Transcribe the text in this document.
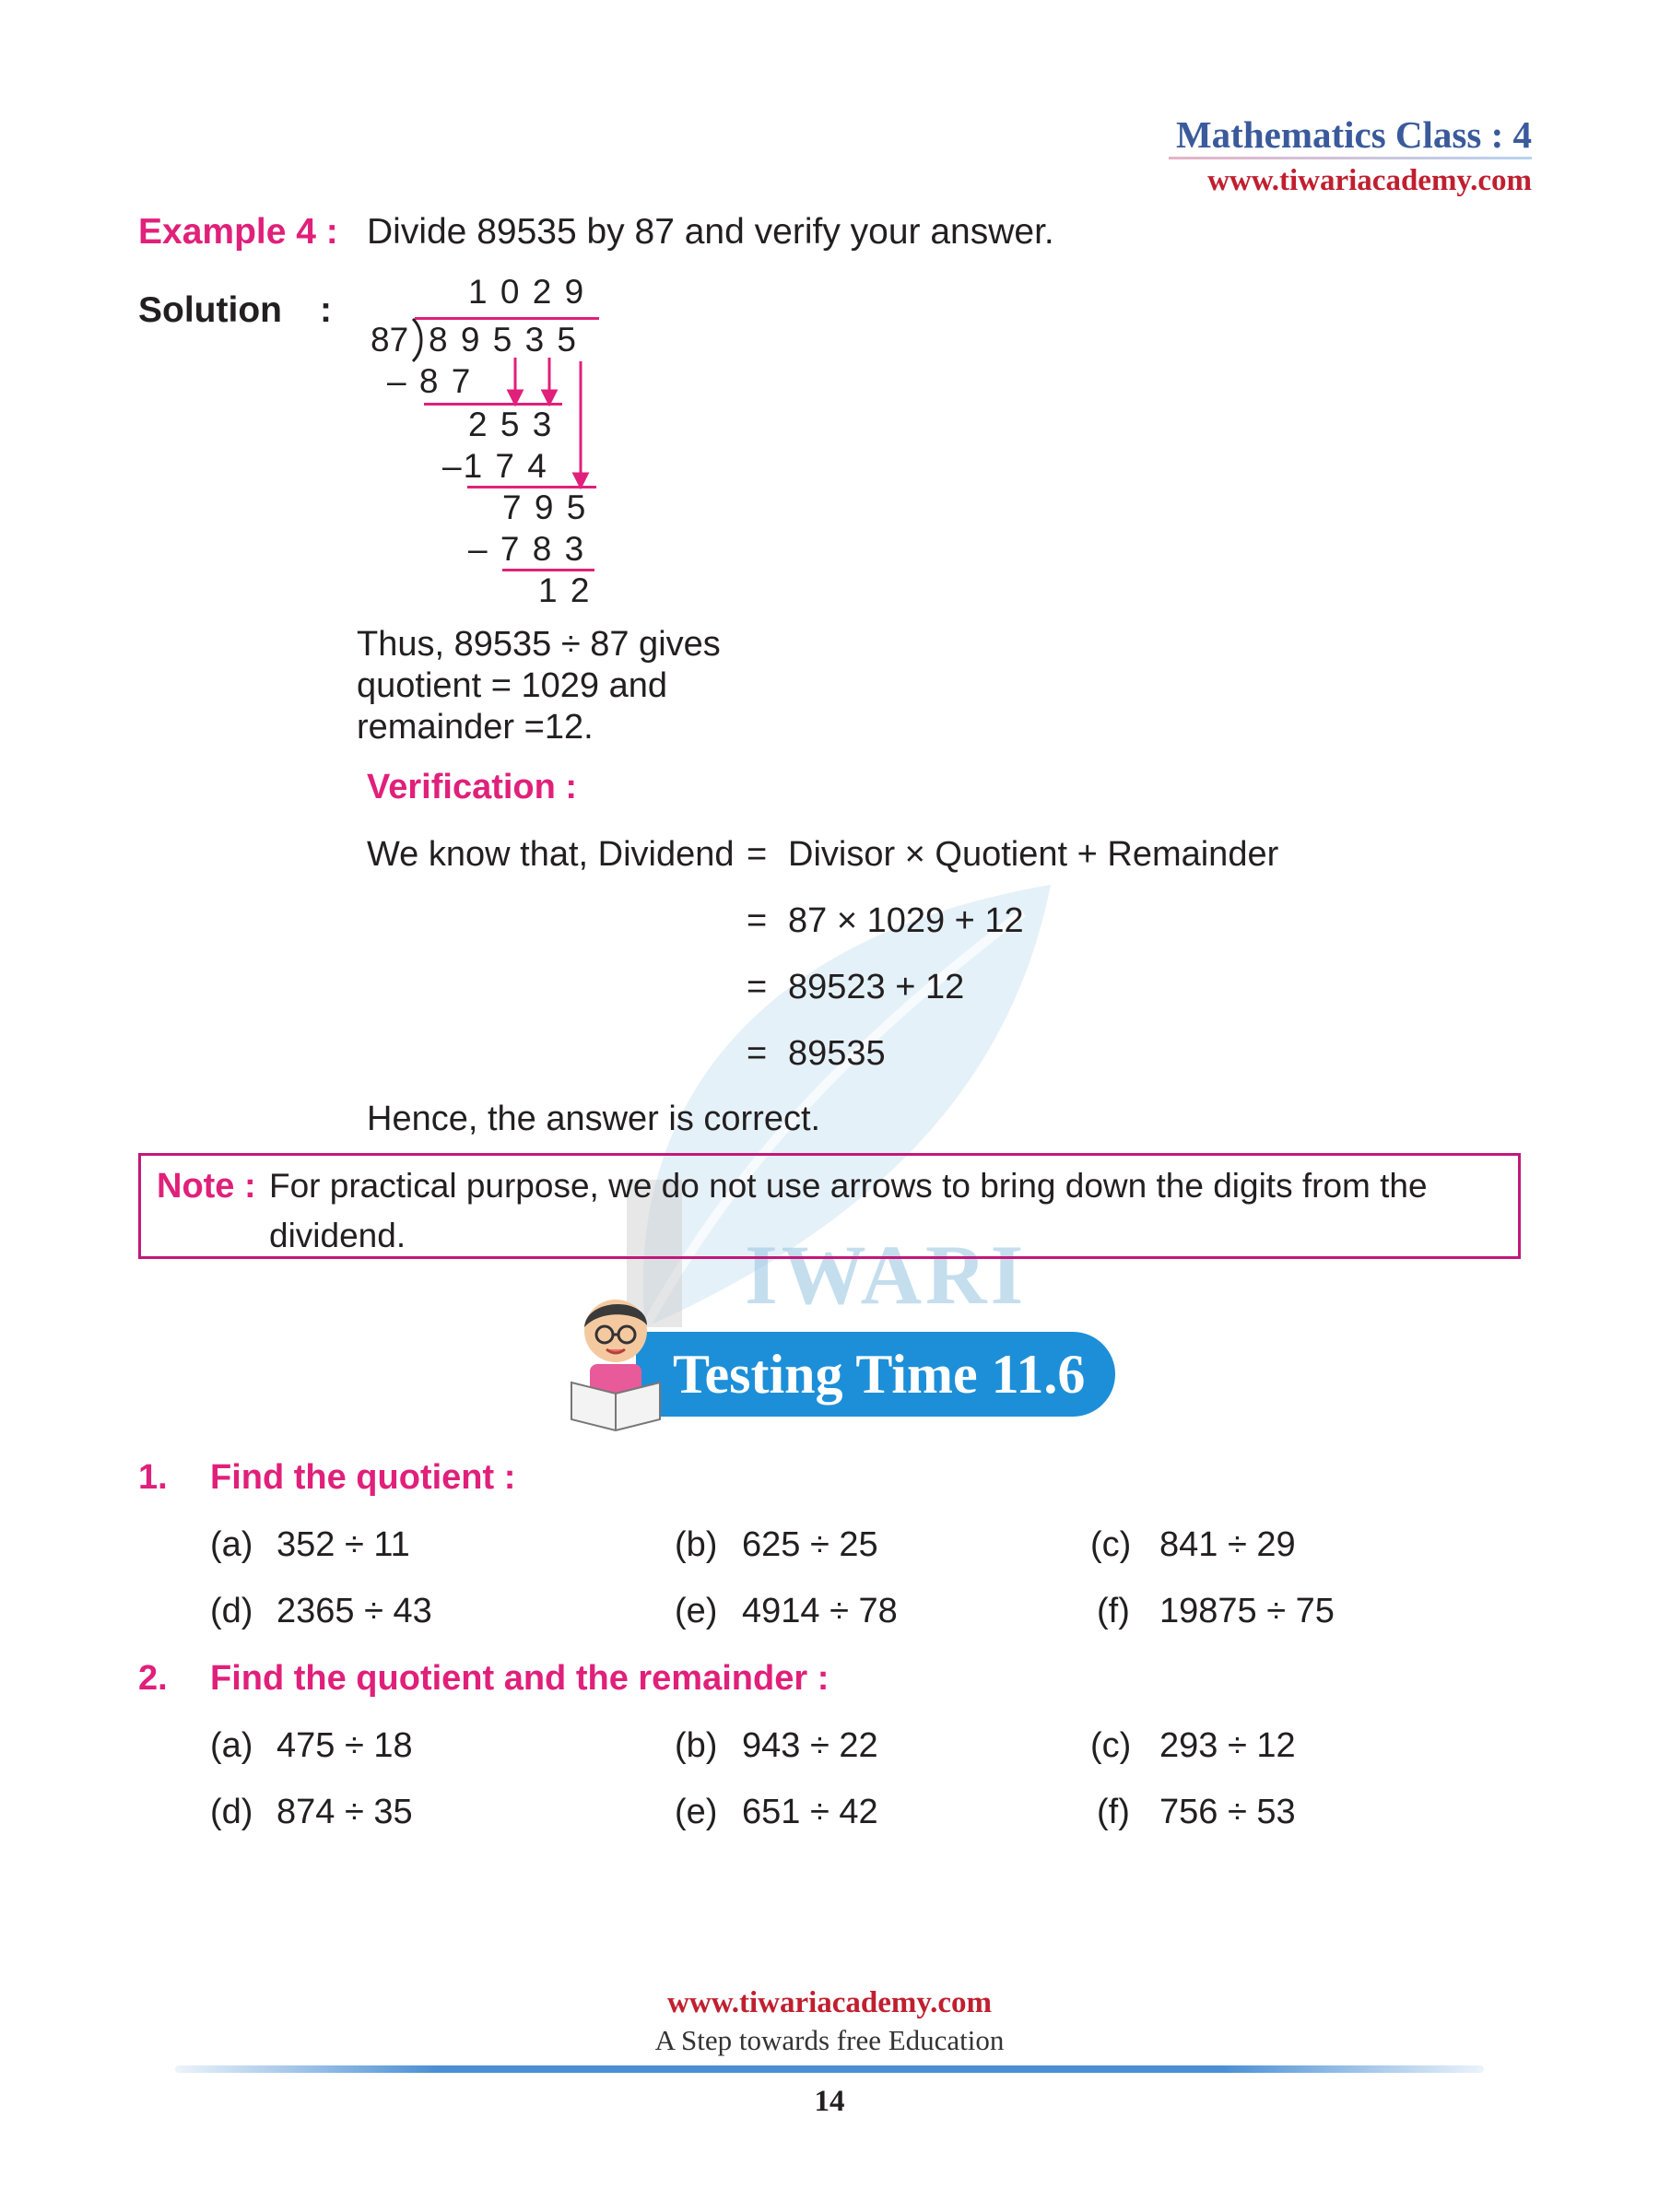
IWARI
Mathematics Class : 4
www.tiwariacademy.com
Example 4 : Divide 89535 by 87 and verify your answer.
Solution :	1 0 2 9
87 8 9 5 3 5
– 8 7
2 5 3
–1 7 4
7 9 5
– 7 8 3
1 2
Thus, 89535 ÷ 87 gives
quotient = 1029 and
remainder =12.
Verification :
We know that, Dividend = Divisor × Quotient + Remainder
= 87 × 1029 + 12
= 89523 + 12
= 89535
Hence, the answer is correct.
Note : For practical purpose, we do not use arrows to bring down the digits from the
dividend.
Testing Time 11.6
1. Find the quotient :
(a) 352 ÷ 11	(b) 625 ÷ 25	(c) 841 ÷ 29
(d) 2365 ÷ 43	(e) 4914 ÷ 78	(f) 19875 ÷ 75
2. Find the quotient and the remainder :
(a) 475 ÷ 18	(b) 943 ÷ 22	(c) 293 ÷ 12
(d) 874 ÷ 35	(e) 651 ÷ 42	(f) 756 ÷ 53
www.tiwariacademy.com
A Step towards free Education
14
